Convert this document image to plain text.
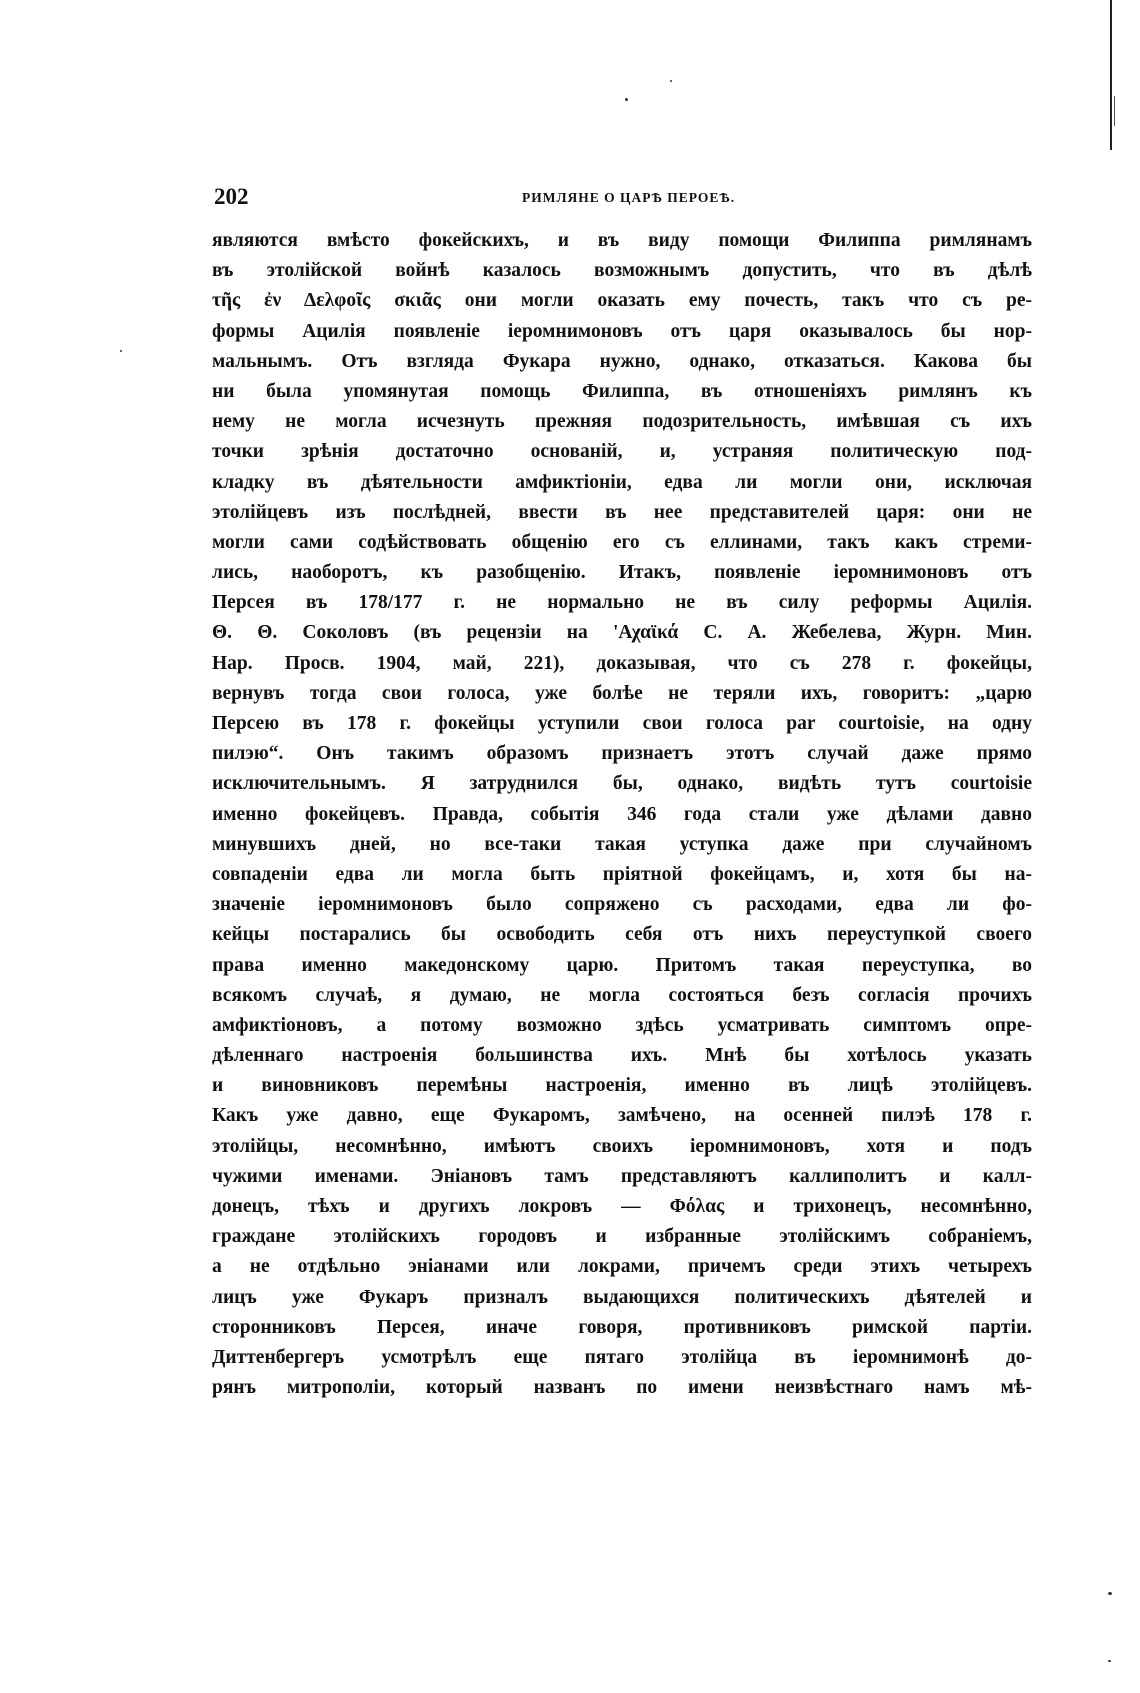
202	РИМЛЯНЕ О ЦАРѢ ПЕРОЕѢ.
являются вмѣсто фокейскихъ, и въ виду помощи Филиппа римлянамъ
въ этолійской войнѣ казалось возможнымъ допустить, что въ дѣлѣ
τῆς ἐν Δελφοῖς σκιᾶς они могли оказать ему почесть, такъ что съ ре-
формы Ацилія появленіе іеромнимоновъ отъ царя оказывалось бы нор-
мальнымъ. Отъ взгляда Фукара нужно, однако, отказаться. Какова бы
ни была упомянутая помощь Филиппа, въ отношеніяхъ римлянъ къ
нему не могла исчезнуть прежняя подозрительность, имѣвшая съ ихъ
точки зрѣнія достаточно основаній, и, устраняя политическую под-
кладку въ дѣятельности амфиктіоніи, едва ли могли они, исключая
этолійцевъ изъ послѣдней, ввести въ нее представителей царя: они не
могли сами содѣйствовать общенію его съ еллинами, такъ какъ стреми-
лись, наоборотъ, къ разобщенію. Итакъ, появленіе іеромнимоновъ отъ
Персея въ 178/177 г. не нормально не въ силу реформы Ацилія.
Θ. Θ. Соколовъ (въ рецензіи на 'Αχαϊκά С. А. Жебелева, Журн. Мин.
Нар. Просв. 1904, май, 221), доказывая, что съ 278 г. фокейцы,
вернувъ тогда свои голоса, уже болѣе не теряли ихъ, говоритъ: „царю
Персею въ 178 г. фокейцы уступили свои голоса par courtoisie, на одну
пилэю“. Онъ такимъ образомъ признаетъ этотъ случай даже прямо
исключительнымъ. Я затруднился бы, однако, видѣть тутъ courtoisie
именно фокейцевъ. Правда, событія 346 года стали уже дѣлами давно
минувшихъ дней, но все-таки такая уступка даже при случайномъ
совпаденіи едва ли могла быть пріятной фокейцамъ, и, хотя бы на-
значеніе іеромнимоновъ было сопряжено съ расходами, едва ли фо-
кейцы постарались бы освободить себя отъ нихъ переуступкой своего
права именно македонскому царю. Притомъ такая переуступка, во
всякомъ случаѣ, я думаю, не могла состояться безъ согласія прочихъ
амфиктіоновъ, а потому возможно здѣсь усматривать симптомъ опре-
дѣленнаго настроенія большинства ихъ. Мнѣ бы хотѣлось указать
и виновниковъ перемѣны настроенія, именно въ лицѣ этолійцевъ.
Какъ уже давно, еще Фукаромъ, замѣчено, на осенней пилэѣ 178 г.
этолійцы, несомнѣнно, имѣютъ своихъ іеромнимоновъ, хотя и подъ
чужими именами. Эніановъ тамъ представляютъ каллиполитъ и калл-
донецъ, тѣхъ и другихъ локровъ — Φόλας и трихонецъ, несомнѣнно,
граждане этолійскихъ городовъ и избранные этолійскимъ собраніемъ,
а не отдѣльно эніанами или локрами, причемъ среди этихъ четырехъ
лицъ уже Фукаръ призналъ выдающихся политическихъ дѣятелей и
сторонниковъ Персея, иначе говоря, противниковъ римской партіи.
Диттенбергеръ усмотрѣлъ еще пятаго этолійца въ іеромнимонѣ до-
рянъ митрополіи, который названъ по имени неизвѣстнаго намъ мѣ-
